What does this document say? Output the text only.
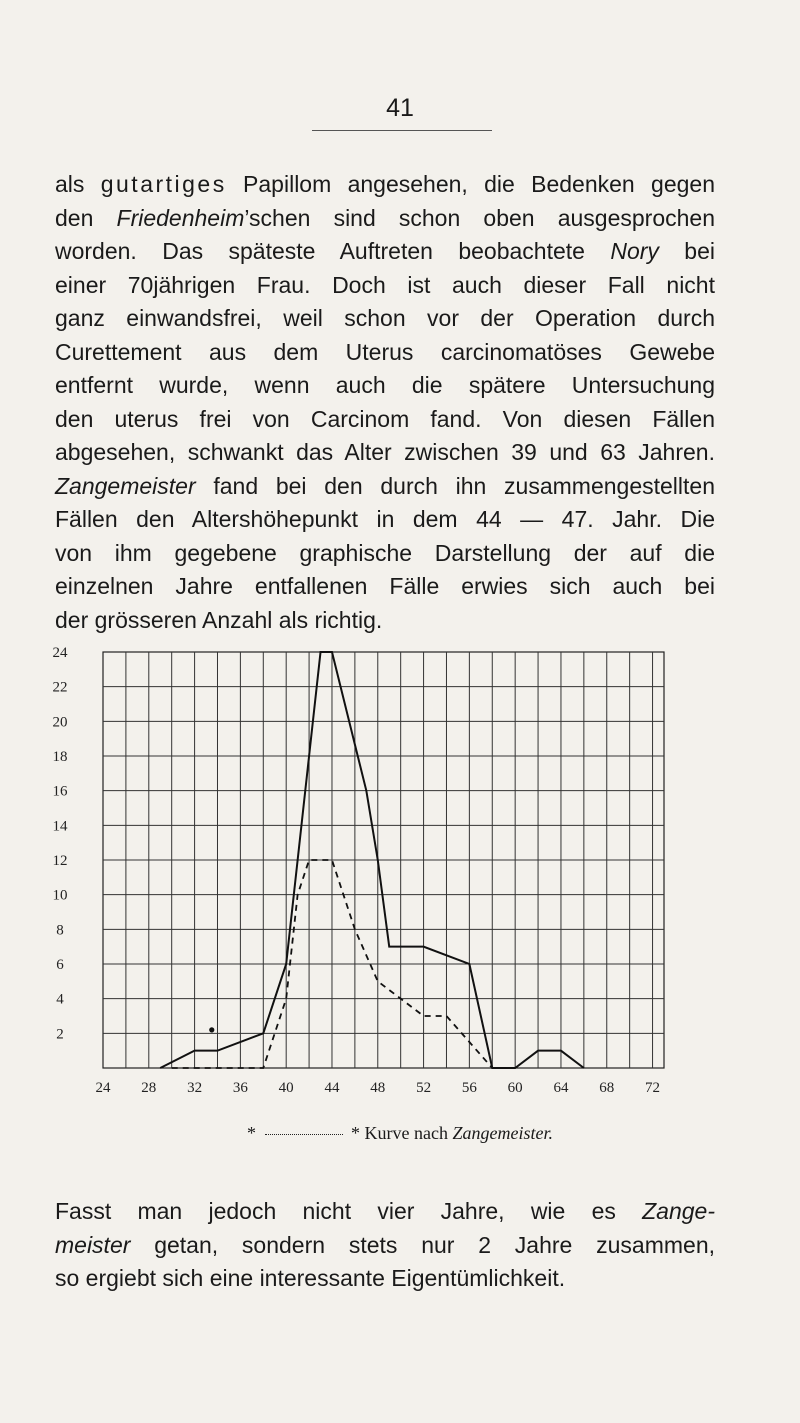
41
als gutartiges Papillom angesehen, die Bedenken gegen
den Friedenheim’schen sind schon oben ausgesprochen
worden. Das späteste Auftreten beobachtete Nory bei
einer 70jährigen Frau. Doch ist auch dieser Fall nicht
ganz einwandsfrei, weil schon vor der Operation durch
Curettement aus dem Uterus carcinomatöses Gewebe
entfernt wurde, wenn auch die spätere Untersuchung
den uterus frei von Carcinom fand. Von diesen Fällen
abgesehen, schwankt das Alter zwischen 39 und 63 Jahren.
Zangemeister fand bei den durch ihn zusammengestellten
Fällen den Altershöhepunkt in dem 44 — 47. Jahr. Die
von ihm gegebene graphische Darstellung der auf die
einzelnen Jahre entfallenen Fälle erwies sich auch bei
der grösseren Anzahl als richtig.
24
22
20
18
16
14
12
10
8
6
4
2
24 28 32 36 40 44 48 52 56 60 64 68 72
*	* Kurve nach Zangemeister.
Fasst man jedoch nicht vier Jahre, wie es Zange-
meister getan, sondern stets nur 2 Jahre zusammen,
so ergiebt sich eine interessante Eigentümlichkeit.
